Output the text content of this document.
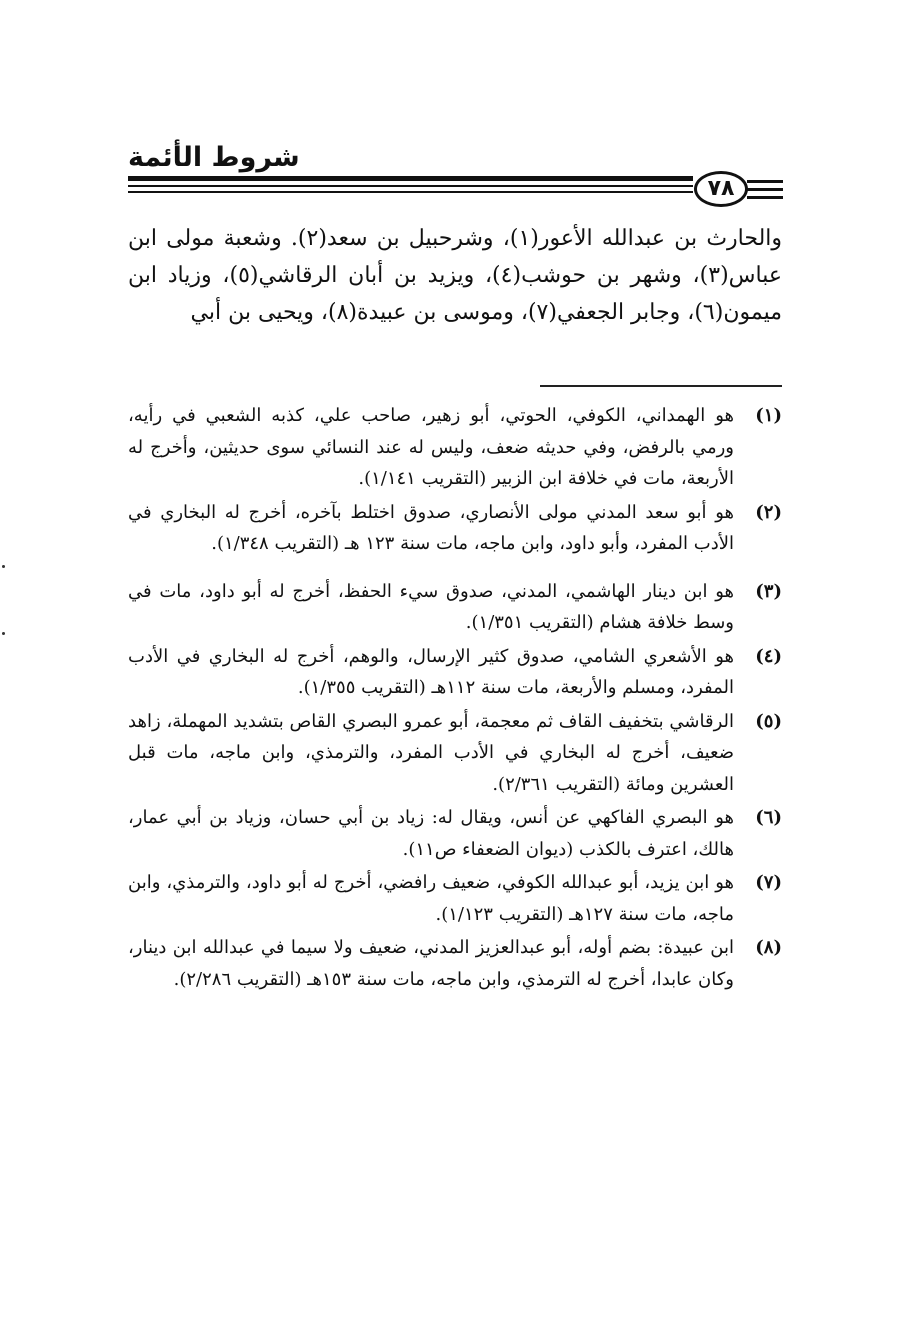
شروط الأئمة
٧٨

والحارث بن عبدالله الأعور(١)، وشرحبيل بن سعد(٢). وشعبة مولى ابن عباس(٣)، وشهر بن حوشب(٤)، ويزيد بن أبان الرقاشي(٥)، وزياد ابن ميمون(٦)، وجابر الجعفي(٧)، وموسى بن عبيدة(٨)، ويحيى بن أبي

(١)
هو الهمداني، الكوفي، الحوتي، أبو زهير، صاحب علي، كذبه الشعبي في رأيه، ورمي بالرفض، وفي حديثه ضعف، وليس له عند النسائي سوى حديثين، وأخرج له الأربعة، مات في خلافة ابن الزبير (التقريب ١/١٤١).
(٢)
هو أبو سعد المدني مولى الأنصاري، صدوق اختلط بآخره، أخرج له البخاري في الأدب المفرد، وأبو داود، وابن ماجه، مات سنة ١٢٣ هـ (التقريب ١/٣٤٨).
(٣)
هو ابن دينار الهاشمي، المدني، صدوق سيء الحفظ، أخرج له أبو داود، مات في وسط خلافة هشام (التقريب ١/٣٥١).
(٤)
هو الأشعري الشامي، صدوق كثير الإرسال، والوهم، أخرج له البخاري في الأدب المفرد، ومسلم والأربعة، مات سنة ١١٢هـ (التقريب ١/٣٥٥).
(٥)
الرقاشي بتخفيف القاف ثم معجمة، أبو عمرو البصري القاص بتشديد المهملة، زاهد ضعيف، أخرج له البخاري في الأدب المفرد، والترمذي، وابن ماجه، مات قبل العشرين ومائة (التقريب ٢/٣٦١).
(٦)
هو البصري الفاكهي عن أنس، ويقال له: زياد بن أبي حسان، وزياد بن أبي عمار، هالك، اعترف بالكذب (ديوان الضعفاء ص١١).
(٧)
هو ابن يزيد، أبو عبدالله الكوفي، ضعيف رافضي، أخرج له أبو داود، والترمذي، وابن ماجه، مات سنة ١٢٧هـ (التقريب ١/١٢٣).
(٨)
ابن عبيدة: بضم أوله، أبو عبدالعزيز المدني، ضعيف ولا سيما في عبدالله ابن دينار، وكان عابدا، أخرج له الترمذي، وابن ماجه، مات سنة ١٥٣هـ (التقريب ٢/٢٨٦).
